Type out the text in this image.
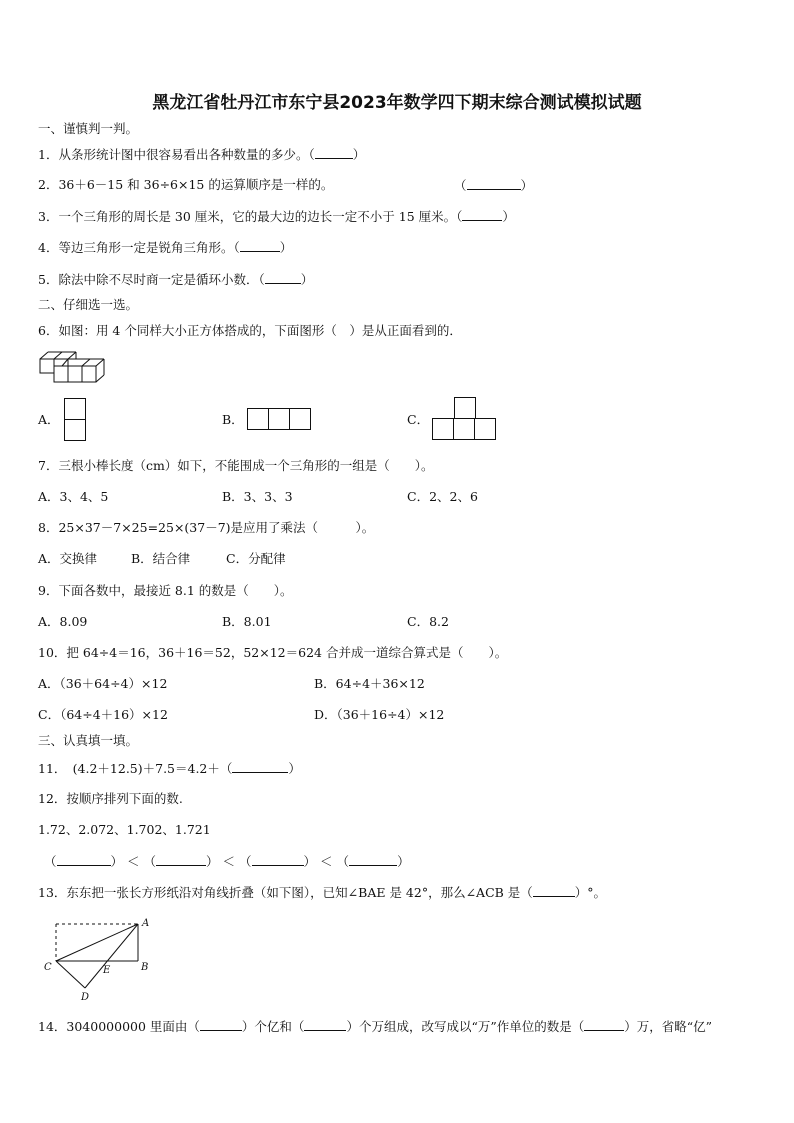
黑龙江省牡丹江市东宁县2023年数学四下期末综合测试模拟试题
一、谨慎判一判。
1．从条形统计图中很容易看出各种数量的多少。（	）
2．36＋6－15 和 36÷6×15 的运算顺序是一样的。	（	）
3．一个三角形的周长是 30 厘米，它的最大边的边长一定不小于 15 厘米。（	）
4．等边三角形一定是锐角三角形。（	）
5．除法中除不尽时商一定是循环小数．（	）
二、仔细选一选。
6．如图：用 4 个同样大小正方体搭成的，下面图形（　）是从正面看到的．
A．	B．	C．
7．三根小棒长度（cm）如下，不能围成一个三角形的一组是（　　）。
A．3、4、5	B．3、3、3	C．2、2、6
8．25×37－7×25=25×(37－7)是应用了乘法（　　　）。
A．交换律	B．结合律	C．分配律
9．下面各数中，最接近 8.1 的数是（　　）。
A．8.09	B．8.01	C．8.2
10．把 64÷4＝16，36＋16＝52，52×12＝624 合并成一道综合算式是（　　）。
A．（36＋64÷4）×12	B．64÷4＋36×12
C．（64÷4＋16）×12	D．（36＋16÷4）×12
三、认真填一填。
11．　(4.2＋12.5)＋7.5＝4.2＋（	）
12．按顺序排列下面的数.
1.72、2.072、1.702、1.721
（	） ＜ （	） ＜ （	） ＜ （	）
13．东东把一张长方形纸沿对角线折叠（如下图），已知∠BAE 是 42°，那么∠ACB 是（	）°。
A
B
C
D
E
14．3040000000 里面由（	）个亿和（	）个万组成，改写成以“万”作单位的数是（	）万，省略“亿”
